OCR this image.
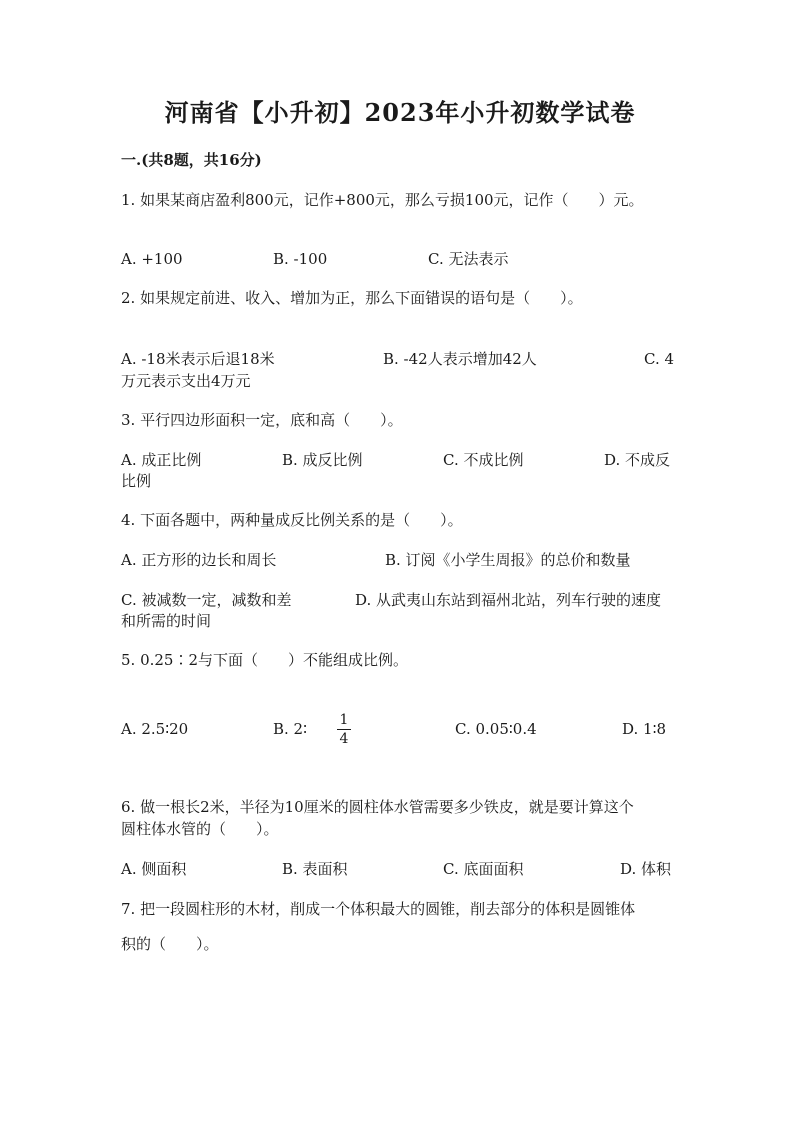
河南省【小升初】2023年小升初数学试卷
一.(共8题，共16分)
1. 如果某商店盈利800元，记作+800元，那么亏损100元，记作（　　）元。
A. +100	B. -100	C. 无法表示
2. 如果规定前进、收入、增加为正，那么下面错误的语句是（　　）。
A. -18米表示后退18米	B. -42人表示增加42人	C. 4
万元表示支出4万元
3. 平行四边形面积一定，底和高（　　）。
A. 成正比例	B. 成反比例	C. 不成比例	D. 不成反
比例
4. 下面各题中，两种量成反比例关系的是（　　）。
A. 正方形的边长和周长	B. 订阅《小学生周报》的总价和数量
C. 被减数一定，减数和差	D. 从武夷山东站到福州北站，列车行驶的速度
和所需的时间
5. 0.25∶2与下面（　　）不能组成比例。
A. 2.5∶20	B. 2∶ 1
4
C. 0.05∶0.4	D. 1∶8
6. 做一根长2米，半径为10厘米的圆柱体水管需要多少铁皮，就是要计算这个
圆柱体水管的（　　）。
A. 侧面积	B. 表面积	C. 底面面积	D. 体积
7. 把一段圆柱形的木材，削成一个体积最大的圆锥，削去部分的体积是圆锥体
积的（　　）。
